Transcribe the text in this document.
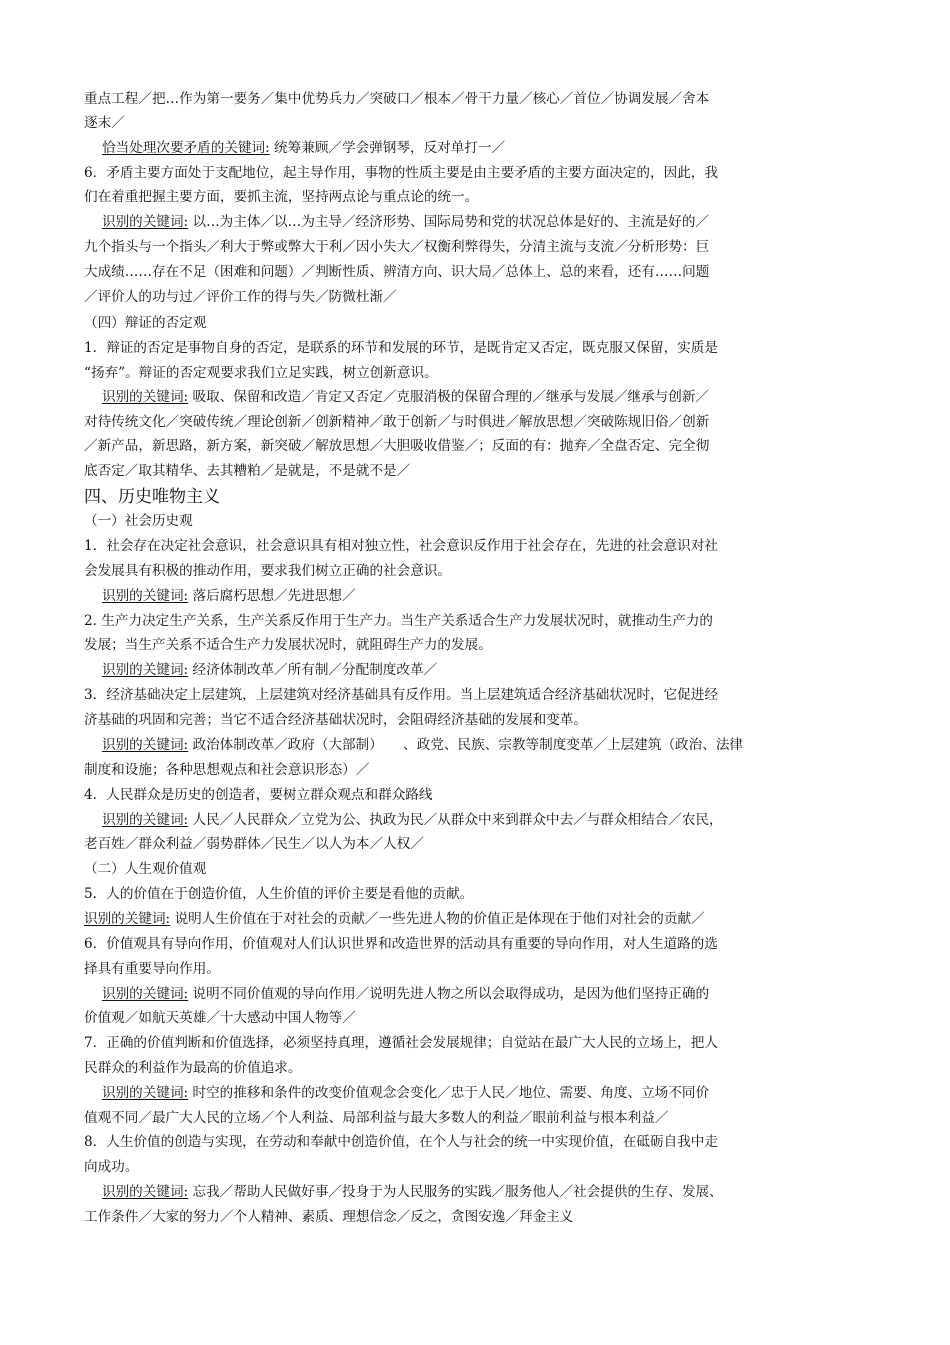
重点工程／把…作为第一要务／集中优势兵力／突破口／根本／骨干力量／核心／首位／协调发展／舍本
逐末／
恰当处理次要矛盾的关键词: 统筹兼顾／学会弹钢琴，反对单打一／
6．矛盾主要方面处于支配地位，起主导作用，事物的性质主要是由主要矛盾的主要方面决定的，因此，我
们在着重把握主要方面，要抓主流，坚持两点论与重点论的统一。
识别的关键词: 以…为主体／以…为主导／经济形势、国际局势和党的状况总体是好的、主流是好的／
九个指头与一个指头／利大于弊或弊大于利／因小失大／权衡利弊得失，分清主流与支流／分析形势：巨
大成绩……存在不足（困难和问题）／判断性质、辨清方向、识大局／总体上、总的来看，还有……问题
／评价人的功与过／评价工作的得与失／防微杜渐／
（四）辩证的否定观
1．辩证的否定是事物自身的否定，是联系的环节和发展的环节，是既肯定又否定，既克服又保留，实质是
“扬弃”。辩证的否定观要求我们立足实践，树立创新意识。
识别的关键词: 吸取、保留和改造／肯定又否定／克服消极的保留合理的／继承与发展／继承与创新／
对待传统文化／突破传统／理论创新／创新精神／敢于创新／与时俱进／解放思想／突破陈规旧俗／创新
／新产品，新思路，新方案，新突破／解放思想／大胆吸收借鉴／；反面的有：抛弃／全盘否定、完全彻
底否定／取其精华、去其糟粕／是就是，不是就不是／
四、历史唯物主义
（一）社会历史观
1．社会存在决定社会意识，社会意识具有相对独立性，社会意识反作用于社会存在，先进的社会意识对社
会发展具有积极的推动作用，要求我们树立正确的社会意识。
识别的关键词: 落后腐朽思想／先进思想／
2. 生产力决定生产关系，生产关系反作用于生产力。当生产关系适合生产力发展状况时，就推动生产力的
发展；当生产关系不适合生产力发展状况时，就阻碍生产力的发展。
识别的关键词: 经济体制改革／所有制／分配制度改革／
3．经济基础决定上层建筑，上层建筑对经济基础具有反作用。当上层建筑适合经济基础状况时，它促进经
济基础的巩固和完善；当它不适合经济基础状况时，会阻碍经济基础的发展和变革。
识别的关键词: 政治体制改革／政府（大部制）　　、政党、民族、宗教等制度变革／上层建筑（政治、法律
制度和设施；各种思想观点和社会意识形态）／
4．人民群众是历史的创造者，要树立群众观点和群众路线
识别的关键词: 人民／人民群众／立党为公、执政为民／从群众中来到群众中去／与群众相结合／农民，
老百姓／群众利益／弱势群体／民生／以人为本／人权／
（二）人生观价值观
5．人的价值在于创造价值，人生价值的评价主要是看他的贡献。
识别的关键词: 说明人生价值在于对社会的贡献／一些先进人物的价值正是体现在于他们对社会的贡献／
6．价值观具有导向作用，价值观对人们认识世界和改造世界的活动具有重要的导向作用，对人生道路的选
择具有重要导向作用。
识别的关键词: 说明不同价值观的导向作用／说明先进人物之所以会取得成功，是因为他们坚持正确的
价值观／如航天英雄／十大感动中国人物等／
7．正确的价值判断和价值选择，必须坚持真理，遵循社会发展规律；自觉站在最广大人民的立场上，把人
民群众的利益作为最高的价值追求。
识别的关键词: 时空的推移和条件的改变价值观念会变化／忠于人民／地位、需要、角度、立场不同价
值观不同／最广大人民的立场／个人利益、局部利益与最大多数人的利益／眼前利益与根本利益／
8．人生价值的创造与实现，在劳动和奉献中创造价值，在个人与社会的统一中实现价值，在砥砺自我中走
向成功。
识别的关键词: 忘我／帮助人民做好事／投身于为人民服务的实践／服务他人／社会提供的生存、发展、
工作条件／大家的努力／个人精神、素质、理想信念／反之，贪图安逸／拜金主义
